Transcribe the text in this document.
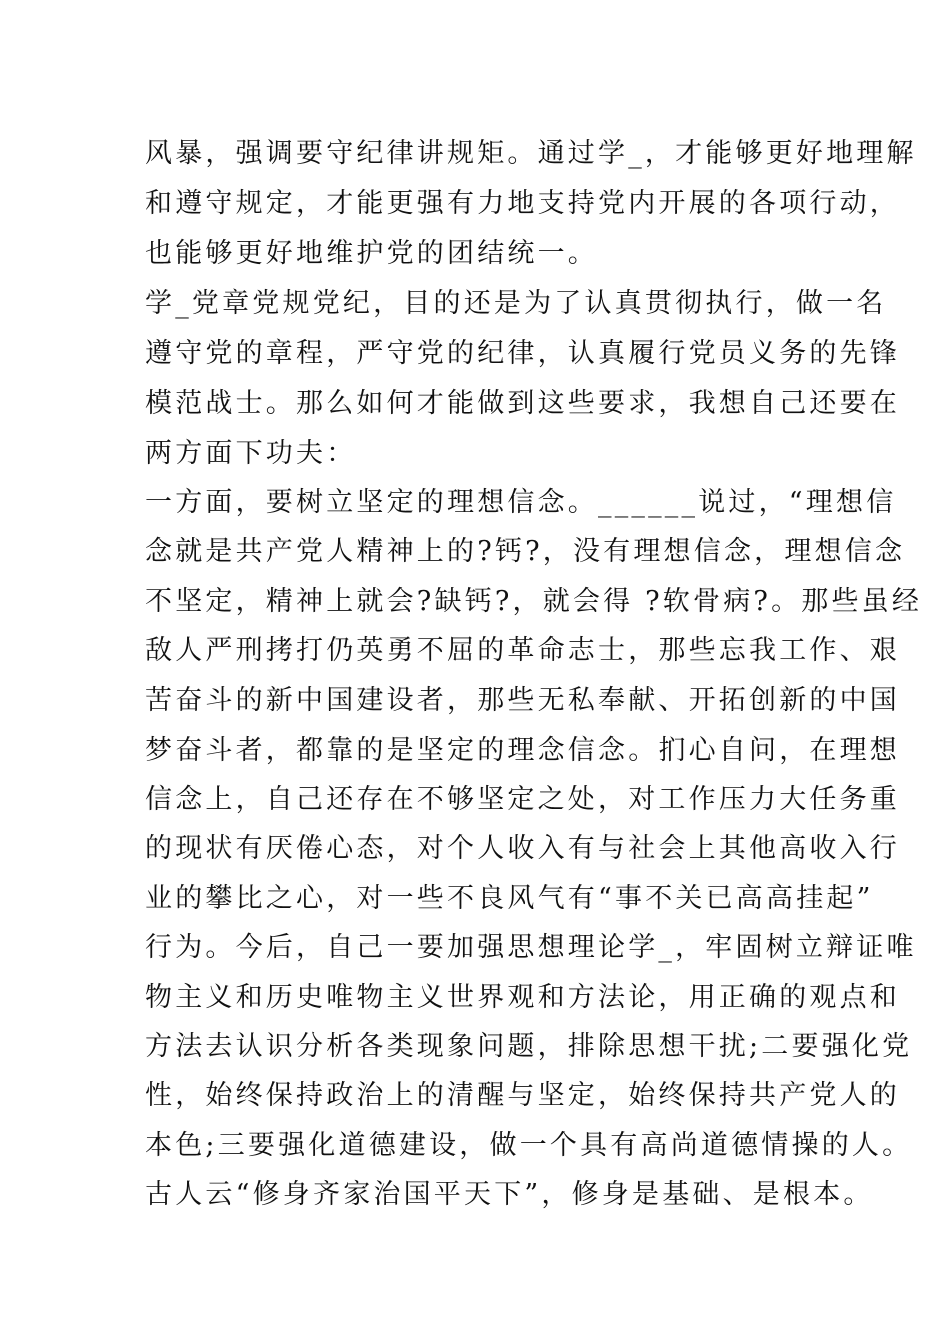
风暴，强调要守纪律讲规矩。通过学_，才能够更好地理解
和遵守规定，才能更强有力地支持党内开展的各项行动，
也能够更好地维护党的团结统一。
学_党章党规党纪，目的还是为了认真贯彻执行，做一名
遵守党的章程，严守党的纪律，认真履行党员义务的先锋
模范战士。那么如何才能做到这些要求，我想自己还要在
两方面下功夫：
一方面，要树立坚定的理想信念。______说过，“理想信
念就是共产党人精神上的?钙?，没有理想信念，理想信念
不坚定，精神上就会?缺钙?，就会得 ?软骨病?。那些虽经
敌人严刑拷打仍英勇不屈的革命志士，那些忘我工作、艰
苦奋斗的新中国建设者，那些无私奉献、开拓创新的中国
梦奋斗者，都靠的是坚定的理念信念。扪心自问，在理想
信念上，自己还存在不够坚定之处，对工作压力大任务重
的现状有厌倦心态，对个人收入有与社会上其他高收入行
业的攀比之心，对一些不良风气有“事不关已高高挂起”
行为。今后，自己一要加强思想理论学_，牢固树立辩证唯
物主义和历史唯物主义世界观和方法论，用正确的观点和
方法去认识分析各类现象问题，排除思想干扰;二要强化党
性，始终保持政治上的清醒与坚定，始终保持共产党人的
本色;三要强化道德建设，做一个具有高尚道德情操的人。
古人云“修身齐家治国平天下”，修身是基础、是根本。
